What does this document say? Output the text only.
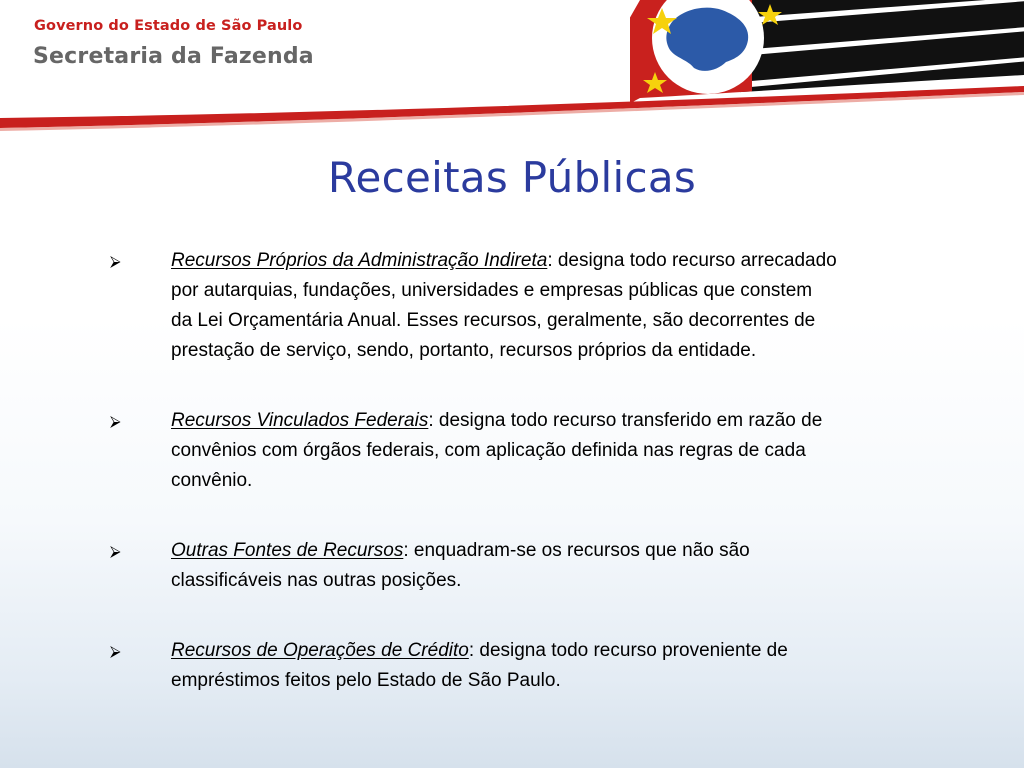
Governo do Estado de São Paulo
Secretaria da Fazenda
Receitas Públicas
⮚	Recursos Próprios da Administração Indireta: designa todo recurso arrecadado
por autarquias, fundações, universidades e empresas públicas que constem
da Lei Orçamentária Anual. Esses recursos, geralmente, são decorrentes de
prestação de serviço, sendo, portanto, recursos próprios da entidade.
⮚	Recursos Vinculados Federais: designa todo recurso transferido em razão de
convênios com órgãos federais, com aplicação definida nas regras de cada
convênio.
⮚	Outras Fontes de Recursos: enquadram-se os recursos que não são
classificáveis nas outras posições.
⮚	Recursos de Operações de Crédito: designa todo recurso proveniente de
empréstimos feitos pelo Estado de São Paulo.
